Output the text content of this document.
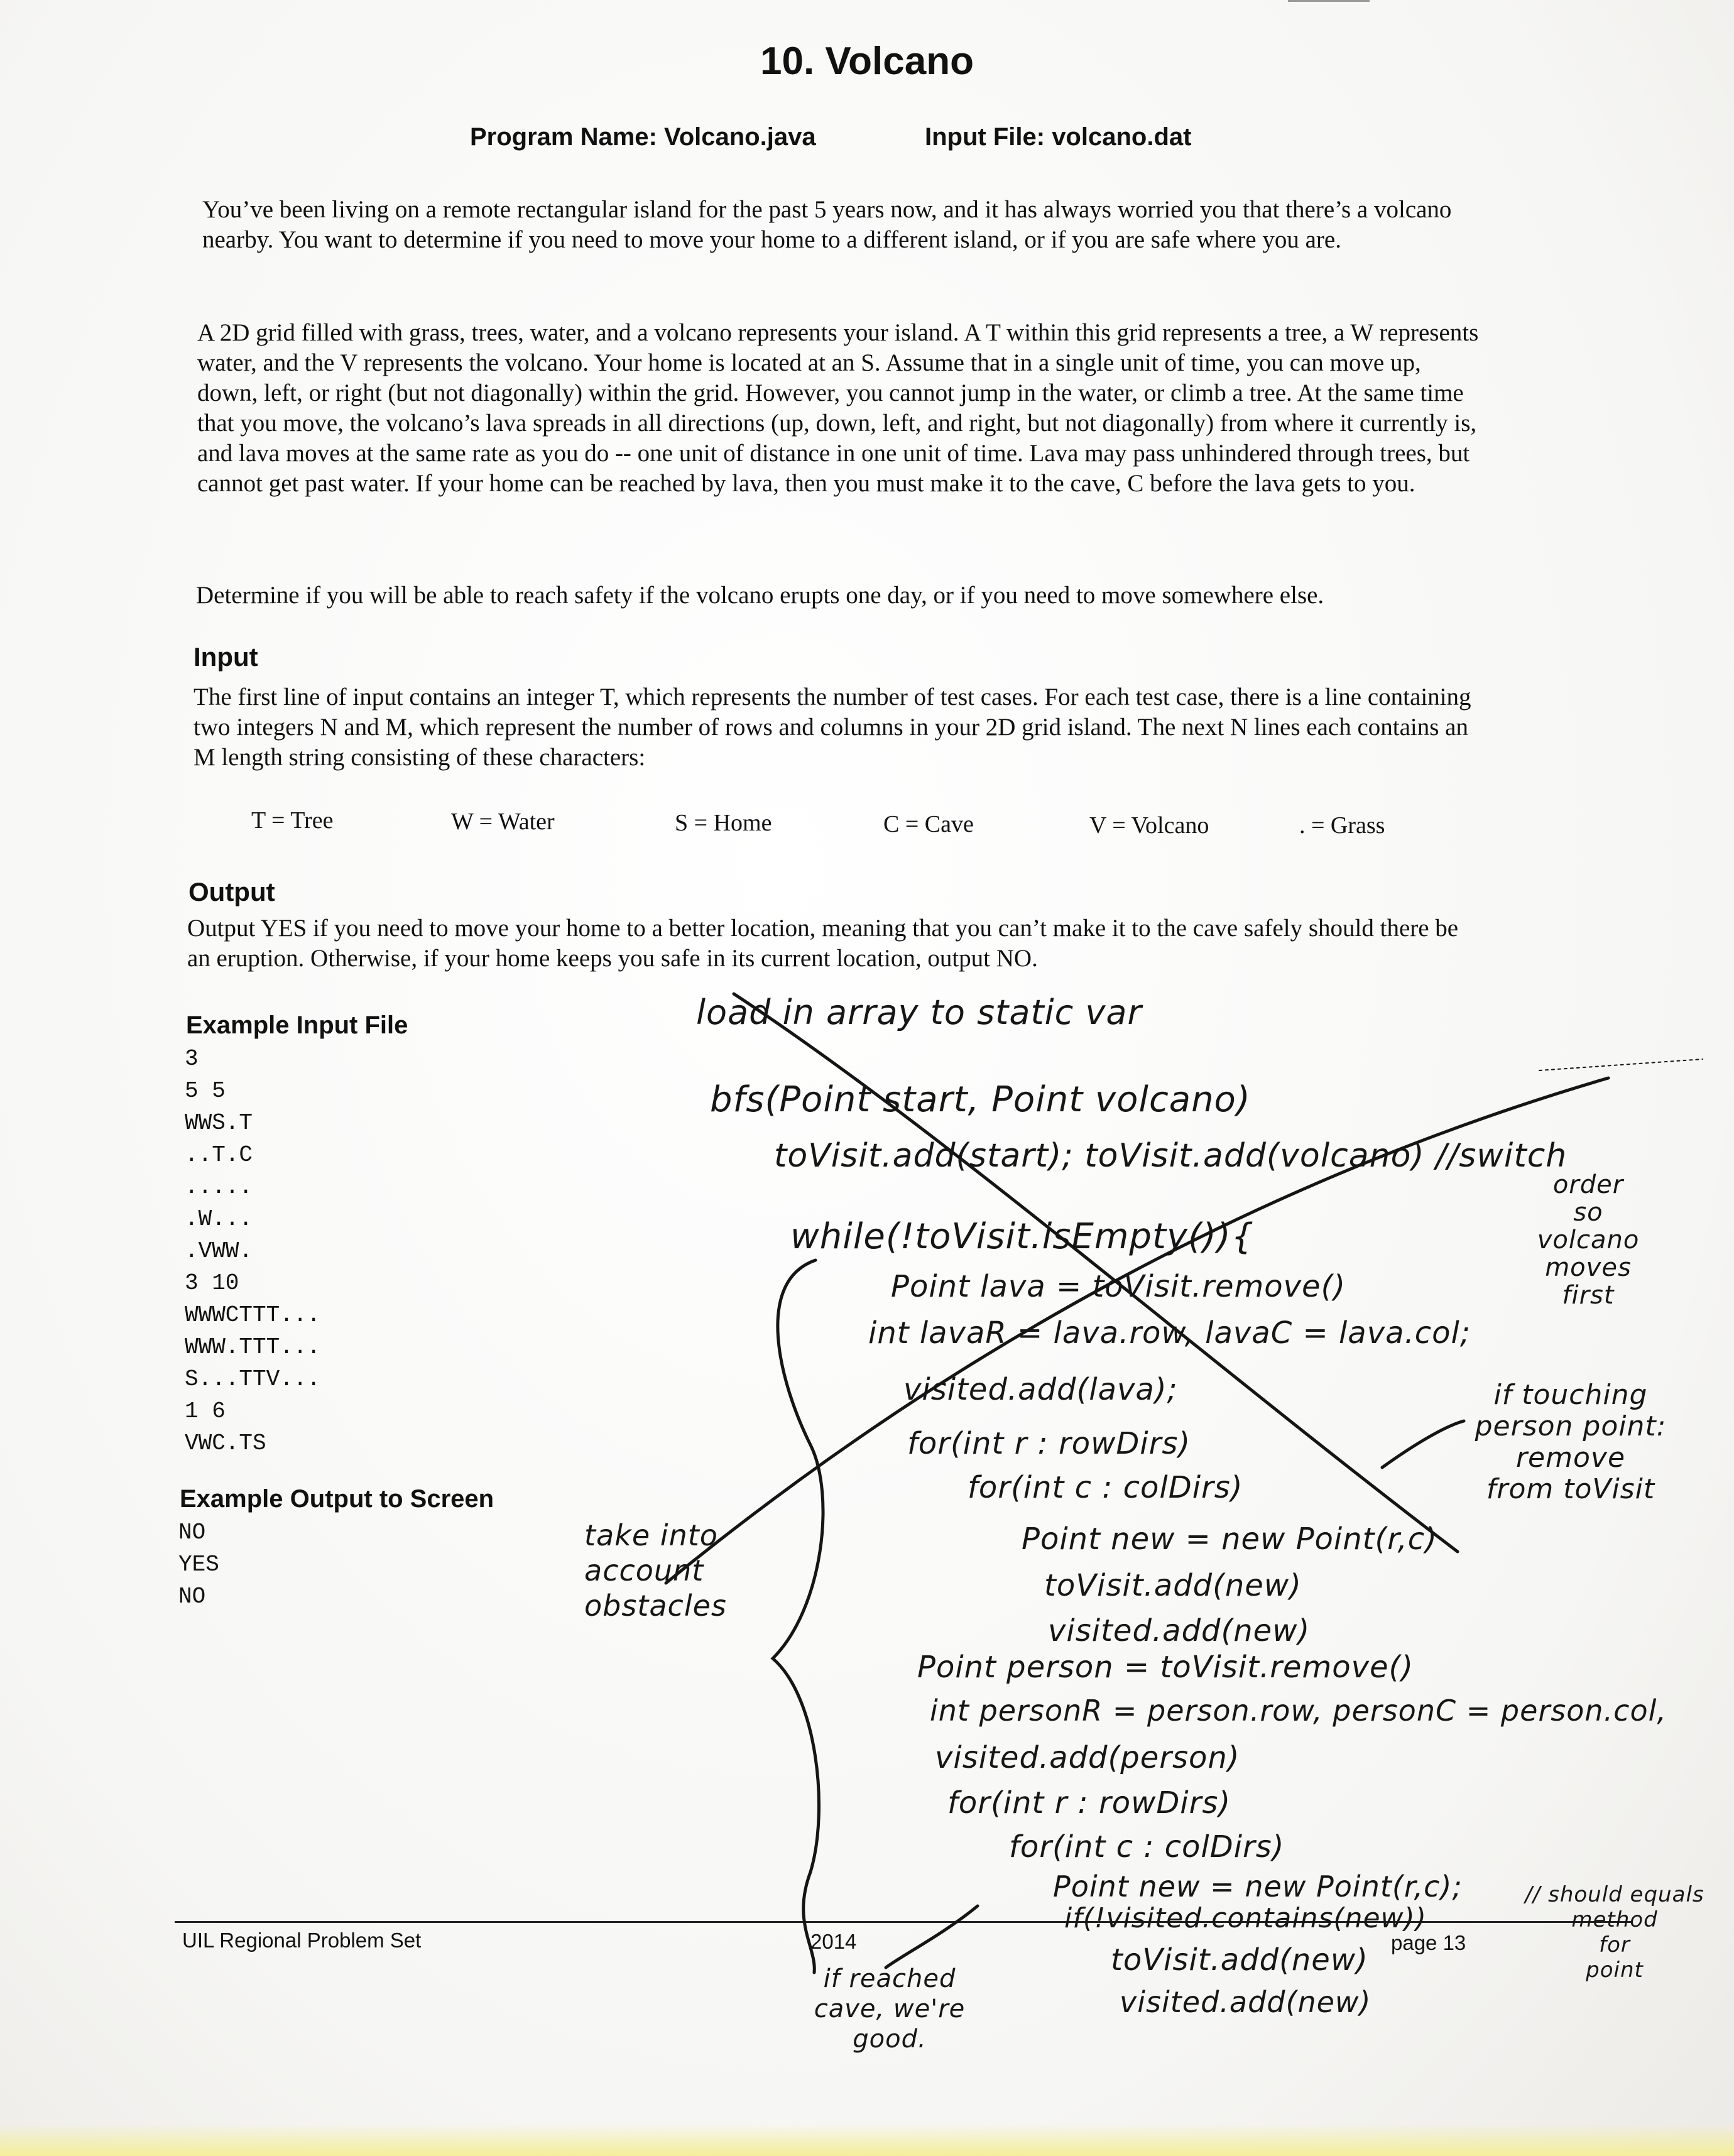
10. Volcano
Program Name: Volcano.java	Input File: volcano.dat

You’ve been living on a remote rectangular island for the past 5 years now, and it has always worried you that there’s a volcano nearby. You want to determine if you need to move your home to a different island, or if you are safe where you are.

A 2D grid filled with grass, trees, water, and a volcano represents your island. A T within this grid represents a tree, a W represents water, and the V represents the volcano. Your home is located at an S. Assume that in a single unit of time, you can move up, down, left, or right (but not diagonally) within the grid. However, you cannot jump in the water, or climb a tree. At the same time that you move, the volcano’s lava spreads in all directions (up, down, left, and right, but not diagonally) from where it currently is, and lava moves at the same rate as you do -- one unit of distance in one unit of time. Lava may pass unhindered through trees, but cannot get past water. If your home can be reached by lava, then you must make it to the cave, C before the lava gets to you.

Determine if you will be able to reach safety if the volcano erupts one day, or if you need to move somewhere else.

Input

The first line of input contains an integer T, which represents the number of test cases. For each test case, there is a line containing two integers N and M, which represent the number of rows and columns in your 2D grid island. The next N lines each contains an M length string consisting of these characters:

T = Tree	W = Water	S = Home	C = Cave	V = Volcano	. = Grass
Output

Output YES if you need to move your home to a better location, meaning that you can’t make it to the cave safely should there be an eruption. Otherwise, if your home keeps you safe in its current location, output NO.

Example Input File
3
5 5
WWS.T
..T.C
.....
.W...
.VWW.
3 10
WWWCTTT...
WWW.TTT...
S...TTV...
1 6
VWC.TS
Example Output to Screen
NO
YES
NO
UIL Regional Problem Set	2014	page 13
load in array to static var
bfs(Point start, Point volcano)
toVisit.add(start); toVisit.add(volcano) //switch
order
so volcano
moves
first
while(!toVisit.isEmpty()){
Point lava = toVisit.remove()
int lavaR = lava.row, lavaC = lava.col;
visited.add(lava);
for(int r : rowDirs)
for(int c : colDirs)
Point new = new Point(r,c)
toVisit.add(new)
visited.add(new)
Point person = toVisit.remove()
int personR = person.row, personC = person.col,
visited.add(person)
for(int r : rowDirs)
for(int c : colDirs)
Point new = new Point(r,c);
if(!visited.contains(new))
toVisit.add(new)
visited.add(new)
if touching
person point:
remove
from toVisit
take into
account
obstacles
// should equals
method
for
point
if reached
cave, we're
good.
